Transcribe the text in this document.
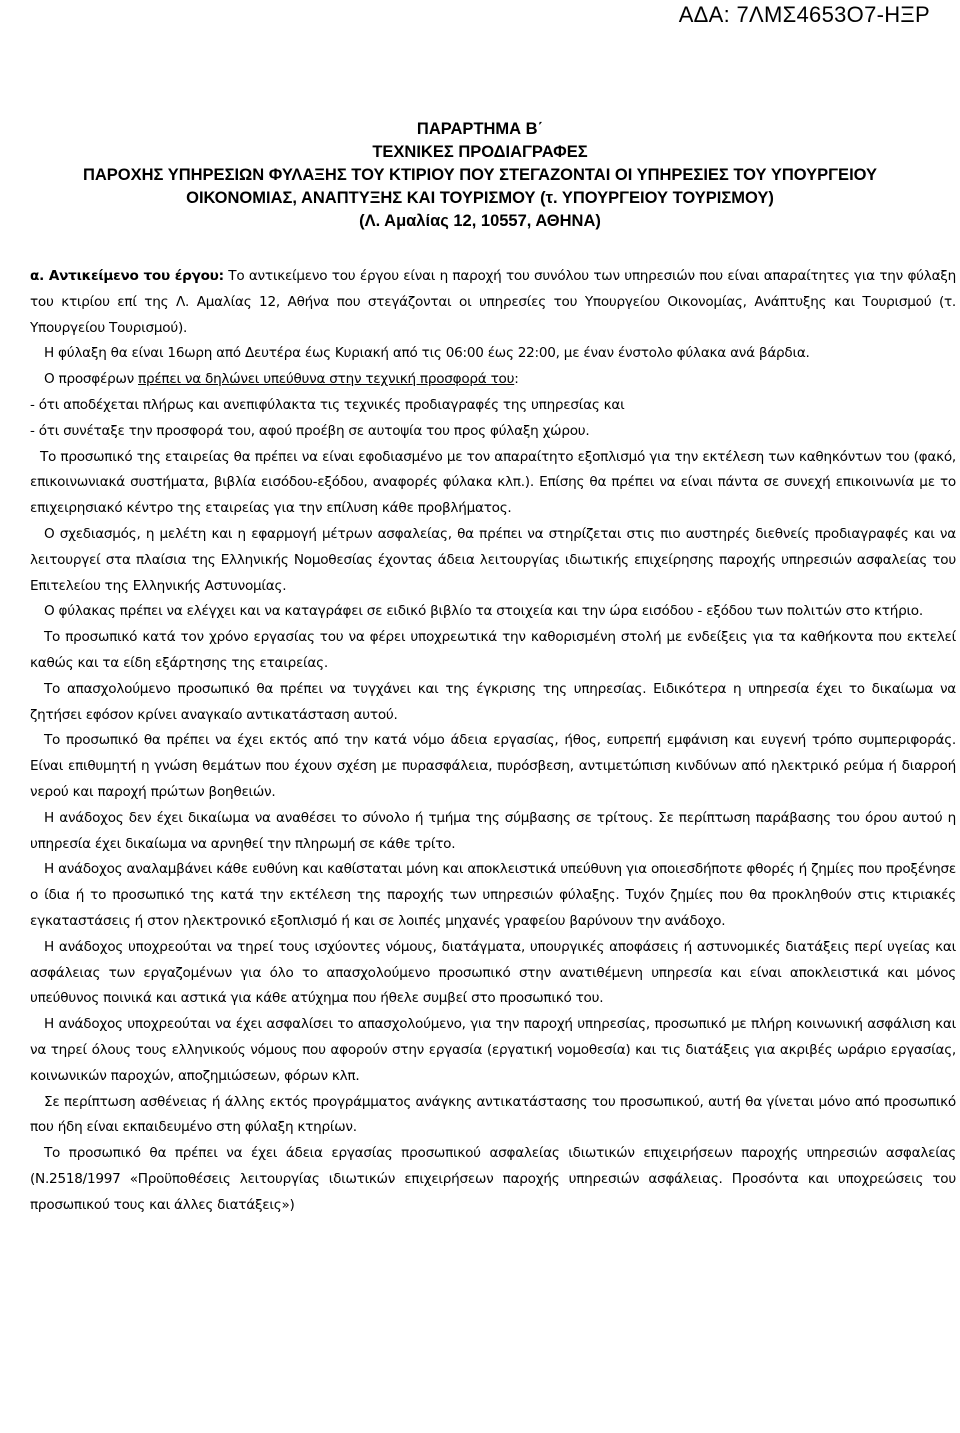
ΑΔΑ: 7ΛΜΣ4653Ο7-ΗΞΡ
ΠΑΡΑΡΤΗΜΑ Β΄
ΤΕΧΝΙΚΕΣ ΠΡΟΔΙΑΓΡΑΦΕΣ
ΠΑΡΟΧΗΣ ΥΠΗΡΕΣΙΩΝ ΦΥΛΑΞΗΣ ΤΟΥ ΚΤΙΡΙΟΥ ΠΟΥ ΣΤΕΓΑΖΟΝΤΑΙ ΟΙ ΥΠΗΡΕΣΙΕΣ ΤΟΥ ΥΠΟΥΡΓΕΙΟΥ
ΟΙΚΟΝΟΜΙΑΣ, ΑΝΑΠΤΥΞΗΣ ΚΑΙ ΤΟΥΡΙΣΜΟΥ (τ. ΥΠΟΥΡΓΕΙΟΥ ΤΟΥΡΙΣΜΟΥ)
(Λ. Αμαλίας 12, 10557, ΑΘΗΝΑ)

α. Αντικείμενο του έργου: Το αντικείμενο του έργου είναι η παροχή του συνόλου των υπηρεσιών που είναι απαραίτητες για την φύλαξη του κτιρίου επί της Λ. Αμαλίας 12, Αθήνα που στεγάζονται οι υπηρεσίες του Υπουργείου Οικονομίας, Ανάπτυξης και Τουρισμού (τ. Υπουργείου Τουρισμού).

Η φύλαξη θα είναι 16ωρη από Δευτέρα έως Κυριακή από τις 06:00 έως 22:00, με έναν ένστολο φύλακα ανά βάρδια.

Ο προσφέρων πρέπει να δηλώνει υπεύθυνα στην τεχνική προσφορά του:

- ότι αποδέχεται πλήρως και ανεπιφύλακτα τις τεχνικές προδιαγραφές της υπηρεσίας και

- ότι συνέταξε την προσφορά του, αφού προέβη σε αυτοψία του προς φύλαξη χώρου.

Το προσωπικό της εταιρείας θα πρέπει να είναι εφοδιασμένο με τον απαραίτητο εξοπλισμό για την εκτέλεση των καθηκόντων του (φακό, επικοινωνιακά συστήματα, βιβλία εισόδου-εξόδου, αναφορές φύλακα κλπ.). Επίσης θα πρέπει να είναι πάντα σε συνεχή επικοινωνία με το επιχειρησιακό κέντρο της εταιρείας για την επίλυση κάθε προβλήματος.

Ο σχεδιασμός, η μελέτη και η εφαρμογή μέτρων ασφαλείας, θα πρέπει να στηρίζεται στις πιο αυστηρές διεθνείς προδιαγραφές και να λειτουργεί στα πλαίσια της Ελληνικής Νομοθεσίας έχοντας άδεια λειτουργίας ιδιωτικής επιχείρησης παροχής υπηρεσιών ασφαλείας του Επιτελείου της Ελληνικής Αστυνομίας.

Ο φύλακας πρέπει να ελέγχει και να καταγράφει σε ειδικό βιβλίο τα στοιχεία και την ώρα εισόδου - εξόδου των πολιτών στο κτήριο.

Το προσωπικό κατά τον χρόνο εργασίας του να φέρει υποχρεωτικά την καθορισμένη στολή με ενδείξεις για τα καθήκοντα που εκτελεί καθώς και τα είδη εξάρτησης της εταιρείας.

Το απασχολούμενο προσωπικό θα πρέπει να τυγχάνει και της έγκρισης της υπηρεσίας. Ειδικότερα η υπηρεσία έχει το δικαίωμα να ζητήσει εφόσον κρίνει αναγκαίο αντικατάσταση αυτού.

Το προσωπικό θα πρέπει να έχει εκτός από την κατά νόμο άδεια εργασίας, ήθος, ευπρεπή εμφάνιση και ευγενή τρόπο συμπεριφοράς. Είναι επιθυμητή η γνώση θεμάτων που έχουν σχέση με πυρασφάλεια, πυρόσβεση, αντιμετώπιση κινδύνων από ηλεκτρικό ρεύμα ή διαρροή νερού και παροχή πρώτων βοηθειών.

Η ανάδοχος δεν έχει δικαίωμα να αναθέσει το σύνολο ή τμήμα της σύμβασης σε τρίτους. Σε περίπτωση παράβασης του όρου αυτού η υπηρεσία έχει δικαίωμα να αρνηθεί την πληρωμή σε κάθε τρίτο.

Η ανάδοχος αναλαμβάνει κάθε ευθύνη και καθίσταται μόνη και αποκλειστικά υπεύθυνη για οποιεσδήποτε φθορές ή ζημίες που προξένησε ο ίδια ή το προσωπικό της κατά την εκτέλεση της παροχής των υπηρεσιών φύλαξης. Τυχόν ζημίες που θα προκληθούν στις κτιριακές εγκαταστάσεις ή στον ηλεκτρονικό εξοπλισμό ή και σε λοιπές μηχανές γραφείου βαρύνουν την ανάδοχο.

Η ανάδοχος υποχρεούται να τηρεί τους ισχύοντες νόμους, διατάγματα, υπουργικές αποφάσεις ή αστυνομικές διατάξεις περί υγείας και ασφάλειας των εργαζομένων για όλο το απασχολούμενο προσωπικό στην ανατιθέμενη υπηρεσία και είναι αποκλειστικά και μόνος υπεύθυνος ποινικά και αστικά για κάθε ατύχημα που ήθελε συμβεί στο προσωπικό του.

Η ανάδοχος υποχρεούται να έχει ασφαλίσει το απασχολούμενο, για την παροχή υπηρεσίας, προσωπικό με πλήρη κοινωνική ασφάλιση και να τηρεί όλους τους ελληνικούς νόμους που αφορούν στην εργασία (εργατική νομοθεσία) και τις διατάξεις για ακριβές ωράριο εργασίας, κοινωνικών παροχών, αποζημιώσεων, φόρων κλπ.

Σε περίπτωση ασθένειας ή άλλης εκτός προγράμματος ανάγκης αντικατάστασης του προσωπικού, αυτή θα γίνεται μόνο από προσωπικό που ήδη είναι εκπαιδευμένο στη φύλαξη κτηρίων.

Το προσωπικό θα πρέπει να έχει άδεια εργασίας προσωπικού ασφαλείας ιδιωτικών επιχειρήσεων παροχής υπηρεσιών ασφαλείας (Ν.2518/1997 «Προϋποθέσεις λειτουργίας ιδιωτικών επιχειρήσεων παροχής υπηρεσιών ασφάλειας. Προσόντα και υποχρεώσεις του προσωπικού τους και άλλες διατάξεις»)
